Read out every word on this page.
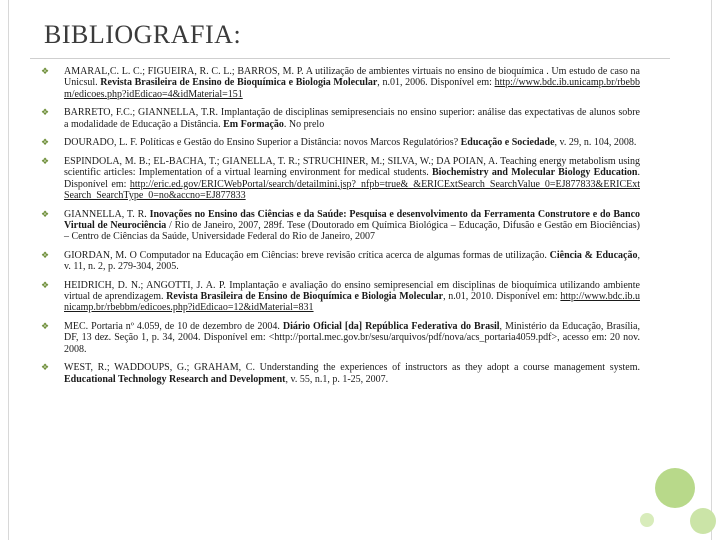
BIBLIOGRAFIA:
❖ AMARAL,C. L. C.; FIGUEIRA, R. C. L.; BARROS, M. P. A utilização de ambientes virtuais no ensino de bioquímica . Um estudo de caso na Unicsul. Revista Brasileira de Ensino de Bioquímica e Biologia Molecular, n.01, 2006. Disponível em: http://www.bdc.ib.unicamp.br/rbebbm/edicoes.php?idEdicao=4&idMaterial=151
❖ BARRETO, F.C.; GIANNELLA, T.R. Implantação de disciplinas semipresenciais no ensino superior: análise das expectativas de alunos sobre a modalidade de Educação a Distância. Em Formação. No prelo
❖ DOURADO, L. F. Políticas e Gestão do Ensino Superior a Distância: novos Marcos Regulatórios? Educação e Sociedade, v. 29, n. 104, 2008.
❖ ESPINDOLA, M. B.; EL-BACHA, T.; GIANELLA, T. R.; STRUCHINER, M.; SILVA, W.; DA POIAN, A. Teaching energy metabolism using scientific articles: Implementation of a virtual learning environment for medical students. Biochemistry and Molecular Biology Education. Disponível em: http://eric.ed.gov/ERICWebPortal/search/detailmini.jsp?_nfpb=true&_&ERICExtSearch_SearchValue_0=EJ877833&ERICExtSearch_SearchType_0=no&accno=EJ877833
❖ GIANNELLA, T. R. Inovações no Ensino das Ciências e da Saúde: Pesquisa e desenvolvimento da Ferramenta Construtore e do Banco Virtual de Neurociência / Rio de Janeiro, 2007, 289f. Tese (Doutorado em Química Biológica – Educação, Difusão e Gestão em Biociências) – Centro de Ciências da Saúde, Universidade Federal do Rio de Janeiro, 2007
❖ GIORDAN, M. O Computador na Educação em Ciências: breve revisão crítica acerca de algumas formas de utilização. Ciência & Educação, v. 11, n. 2, p. 279-304, 2005.
❖ HEIDRICH, D. N.; ANGOTTI, J. A. P. Implantação e avaliação do ensino semipresencial em disciplinas de bioquímica utilizando ambiente virtual de aprendizagem. Revista Brasileira de Ensino de Bioquímica e Biologia Molecular, n.01, 2010. Disponível em: http://www.bdc.ib.unicamp.br/rbebbm/edicoes.php?idEdicao=12&idMaterial=831
❖ MEC. Portaria nº 4.059, de 10 de dezembro de 2004. Diário Oficial [da] República Federativa do Brasil, Ministério da Educação, Brasília, DF, 13 dez. Seção 1, p. 34, 2004. Disponível em: <http://portal.mec.gov.br/sesu/arquivos/pdf/nova/acs_portaria4059.pdf>, acesso em: 20 nov. 2008.
❖ WEST, R.; WADDOUPS, G.; GRAHAM, C. Understanding the experiences of instructors as they adopt a course management system. Educational Technology Research and Development, v. 55, n.1, p. 1-25, 2007.
